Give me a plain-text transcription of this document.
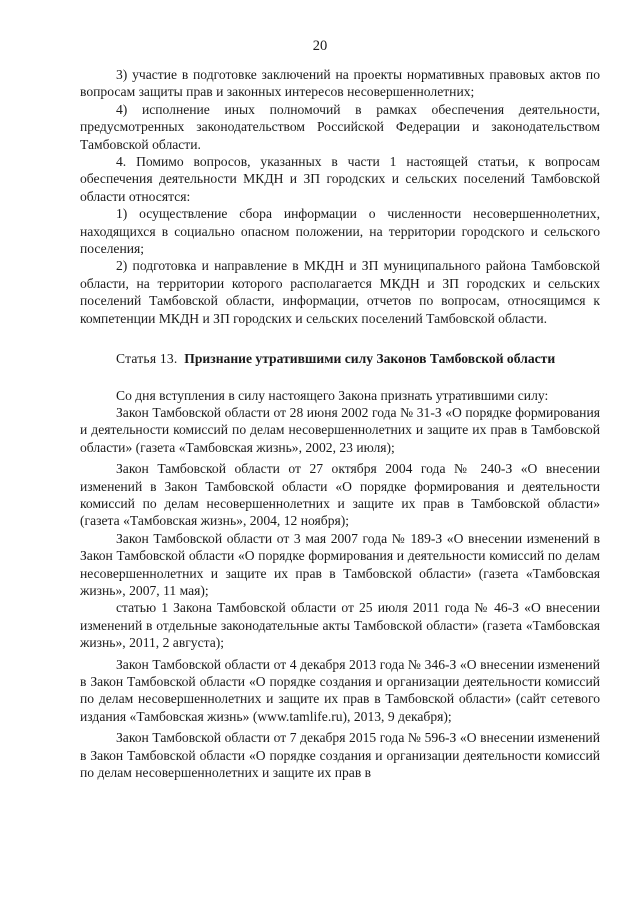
20

3) участие в подготовке заключений на проекты нормативных правовых актов по вопросам защиты прав и законных интересов несовершеннолетних;

4) исполнение иных полномочий в рамках обеспечения деятельности, предусмотренных законодательством Российской Федерации и законодательством Тамбовской области.

4. Помимо вопросов, указанных в части 1 настоящей статьи, к вопросам обеспечения деятельности МКДН и ЗП городских и сельских поселений Тамбовской области относятся:

1) осуществление сбора информации о численности несовершеннолетних, находящихся в социально опасном положении, на территории городского и сельского поселения;

2) подготовка и направление в МКДН и ЗП муниципального района Тамбовской области, на территории которого располагается МКДН и ЗП городских и сельских поселений Тамбовской области, информации, отчетов по вопросам, относящимся к компетенции МКДН и ЗП городских и сельских поселений Тамбовской области.

Статья 13. Признание утратившими силу Законов Тамбовской области

Со дня вступления в силу настоящего Закона признать утратившими силу:

Закон Тамбовской области от 28 июня 2002 года № 31-З «О порядке формирования и деятельности комиссий по делам несовершеннолетних и защите их прав в Тамбовской области» (газета «Тамбовская жизнь», 2002, 23 июля);

Закон Тамбовской области от 27 октября 2004 года № 240-З «О внесении изменений в Закон Тамбовской области «О порядке формирования и деятельности комиссий по делам несовершеннолетних и защите их прав в Тамбовской области» (газета «Тамбовская жизнь», 2004, 12 ноября);

Закон Тамбовской области от 3 мая 2007 года № 189-З «О внесении изменений в Закон Тамбовской области «О порядке формирования и деятельности комиссий по делам несовершеннолетних и защите их прав в Тамбовской области» (газета «Тамбовская жизнь», 2007, 11 мая);

статью 1 Закона Тамбовской области от 25 июля 2011 года № 46-З «О внесении изменений в отдельные законодательные акты Тамбовской области» (газета «Тамбовская жизнь», 2011, 2 августа);

Закон Тамбовской области от 4 декабря 2013 года № 346-З «О внесении изменений в Закон Тамбовской области «О порядке создания и организации деятельности комиссий по делам несовершеннолетних и защите их прав в Тамбовской области» (сайт сетевого издания «Тамбовская жизнь» (www.tamlife.ru), 2013, 9 декабря);

Закон Тамбовской области от 7 декабря 2015 года № 596-З «О внесении изменений в Закон Тамбовской области «О порядке создания и организации деятельности комиссий по делам несовершеннолетних и защите их прав в
